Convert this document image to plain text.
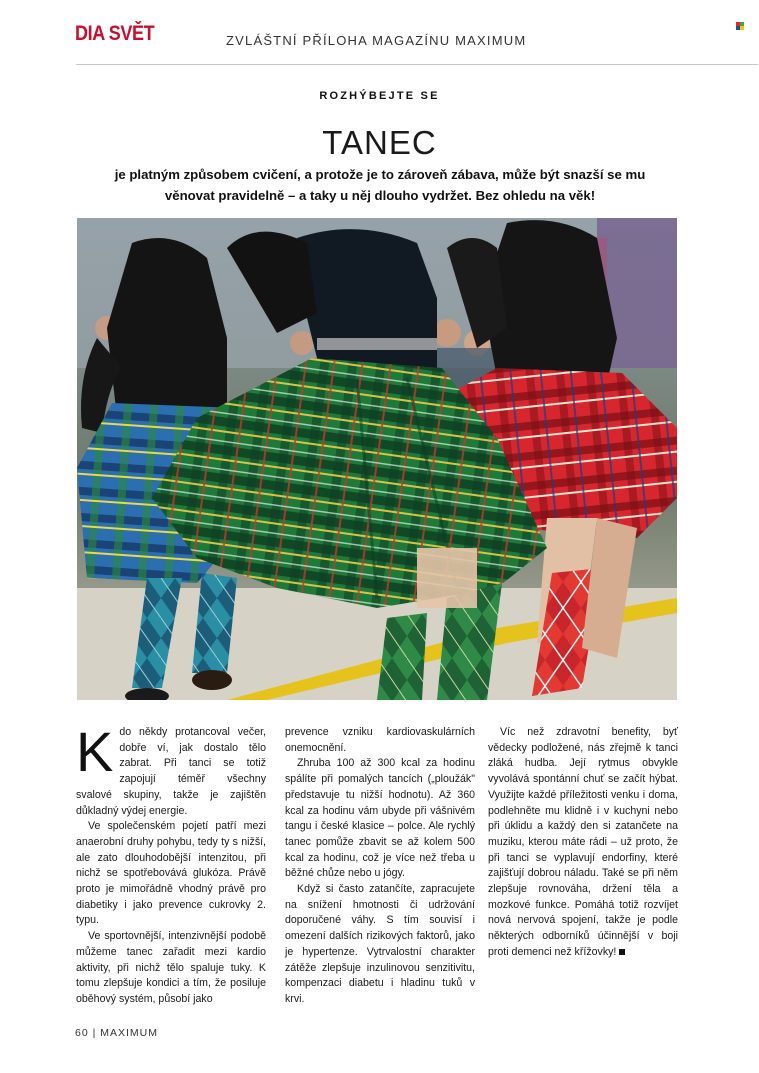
DIA SVĚT	ZVLÁŠTNÍ PŘÍLOHA MAGAZÍNU MAXIMUM
ROZHÝBEJTE SE
TANEC
je platným způsobem cvičení, a protože je to zároveň zábava, může být snazší se mu věnovat pravidelně – a taky u něj dlouho vydržet. Bez ohledu na věk!

K do někdy protancoval večer, dobře ví, jak dostalo tělo zabrat. Při tanci se totiž zapojují téměř všechny svalové skupiny, takže je zajištěn důkladný výdej energie.

Ve společenském pojetí patří mezi anaerobní druhy pohybu, tedy ty s nižší, ale zato dlouhodobější intenzitou, při nichž se spotřebovává glukóza. Právě proto je mimořádně vhodný právě pro diabetiky i jako prevence cukrovky 2. typu.

Ve sportovnější, intenzivnější podobě můžeme tanec zařadit mezi kardio aktivity, při nichž tělo spaluje tuky. K tomu zlepšuje kondici a tím, že posiluje oběhový systém, působí jako

prevence vzniku kardiovaskulárních onemocnění.

Zhruba 100 až 300 kcal za hodinu spálíte při pomalých tancích („ploužák" představuje tu nižší hodnotu). Až 360 kcal za hodinu vám ubyde při vášnivém tangu i české klasice – polce. Ale rychlý tanec pomůže zbavit se až kolem 500 kcal za hodinu, což je více než třeba u běžné chůze nebo u jógy.

Když si často zatančíte, zapracujete na snížení hmotnosti či udržování doporučené váhy. S tím souvisí i omezení dalších rizikových faktorů, jako je hypertenze. Vytrvalostní charakter zátěže zlepšuje inzulinovou senzitivitu, kompenzaci diabetu i hladinu tuků v krvi.

Víc než zdravotní benefity, byť vědecky podložené, nás zřejmě k tanci zláká hudba. Její rytmus obvykle vyvolává spontánní chuť se začít hýbat. Využijte každé příležitosti venku i doma, podlehněte mu klidně i v kuchyni nebo při úklidu a každý den si zatančete na muziku, kterou máte rádi – už proto, že při tanci se vyplavují endorfiny, které zajišťují dobrou náladu. Také se při něm zlepšuje rovnováha, držení těla a mozkové funkce. Pomáhá totiž rozvíjet nová nervová spojení, takže je podle některých odborníků účinnější v boji proti demenci než křížovky!

60 | MAXIMUM
